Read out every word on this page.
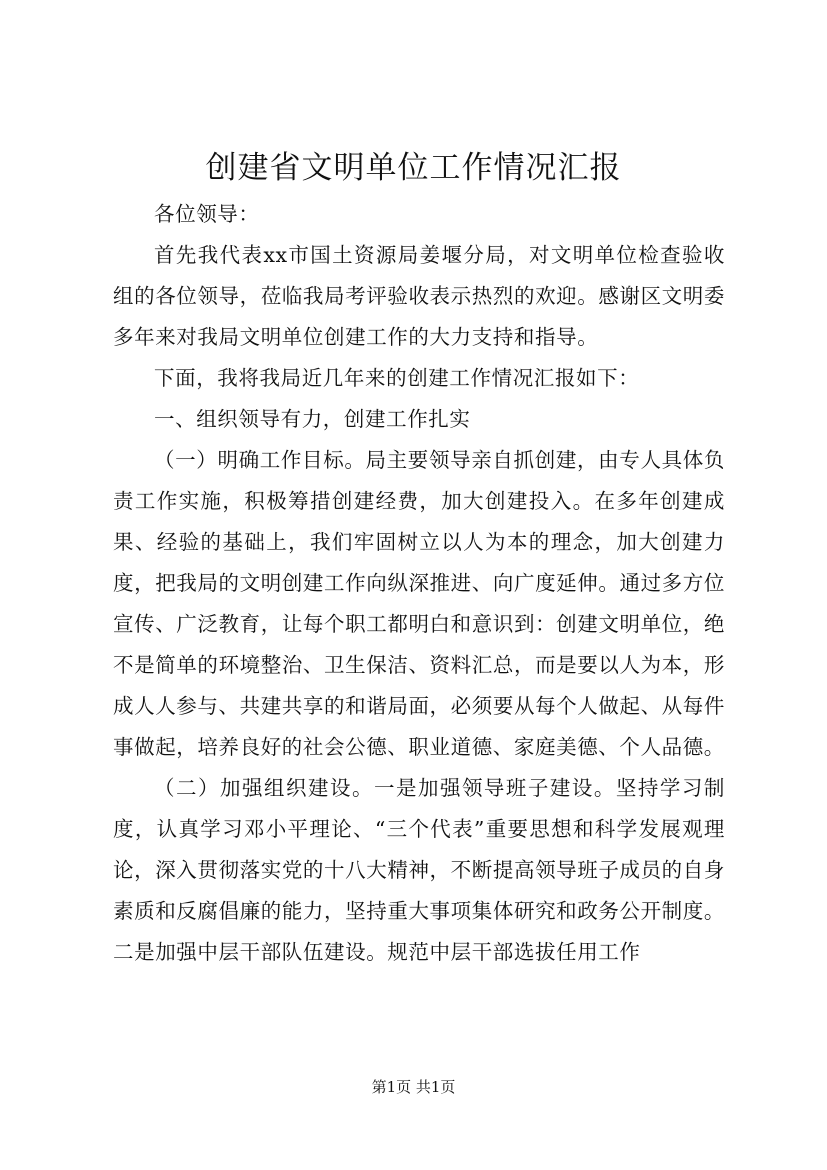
创建省文明单位工作情况汇报

各位领导：

首先我代表xx市国土资源局姜堰分局，对文明单位检查验收组的各位领导，莅临我局考评验收表示热烈的欢迎。感谢区文明委多年来对我局文明单位创建工作的大力支持和指导。

下面，我将我局近几年来的创建工作情况汇报如下：

一、组织领导有力，创建工作扎实

（一）明确工作目标。局主要领导亲自抓创建，由专人具体负责工作实施，积极筹措创建经费，加大创建投入。在多年创建成果、经验的基础上，我们牢固树立以人为本的理念，加大创建力度，把我局的文明创建工作向纵深推进、向广度延伸。通过多方位宣传、广泛教育，让每个职工都明白和意识到：创建文明单位，绝不是简单的环境整治、卫生保洁、资料汇总，而是要以人为本，形成人人参与、共建共享的和谐局面，必须要从每个人做起、从每件事做起，培养良好的社会公德、职业道德、家庭美德、个人品德。

（二）加强组织建设。一是加强领导班子建设。坚持学习制度，认真学习邓小平理论、“三个代表”重要思想和科学发展观理论，深入贯彻落实党的十八大精神，不断提高领导班子成员的自身素质和反腐倡廉的能力，坚持重大事项集体研究和政务公开制度。二是加强中层干部队伍建设。规范中层干部选拔任用工作

第1页 共1页
